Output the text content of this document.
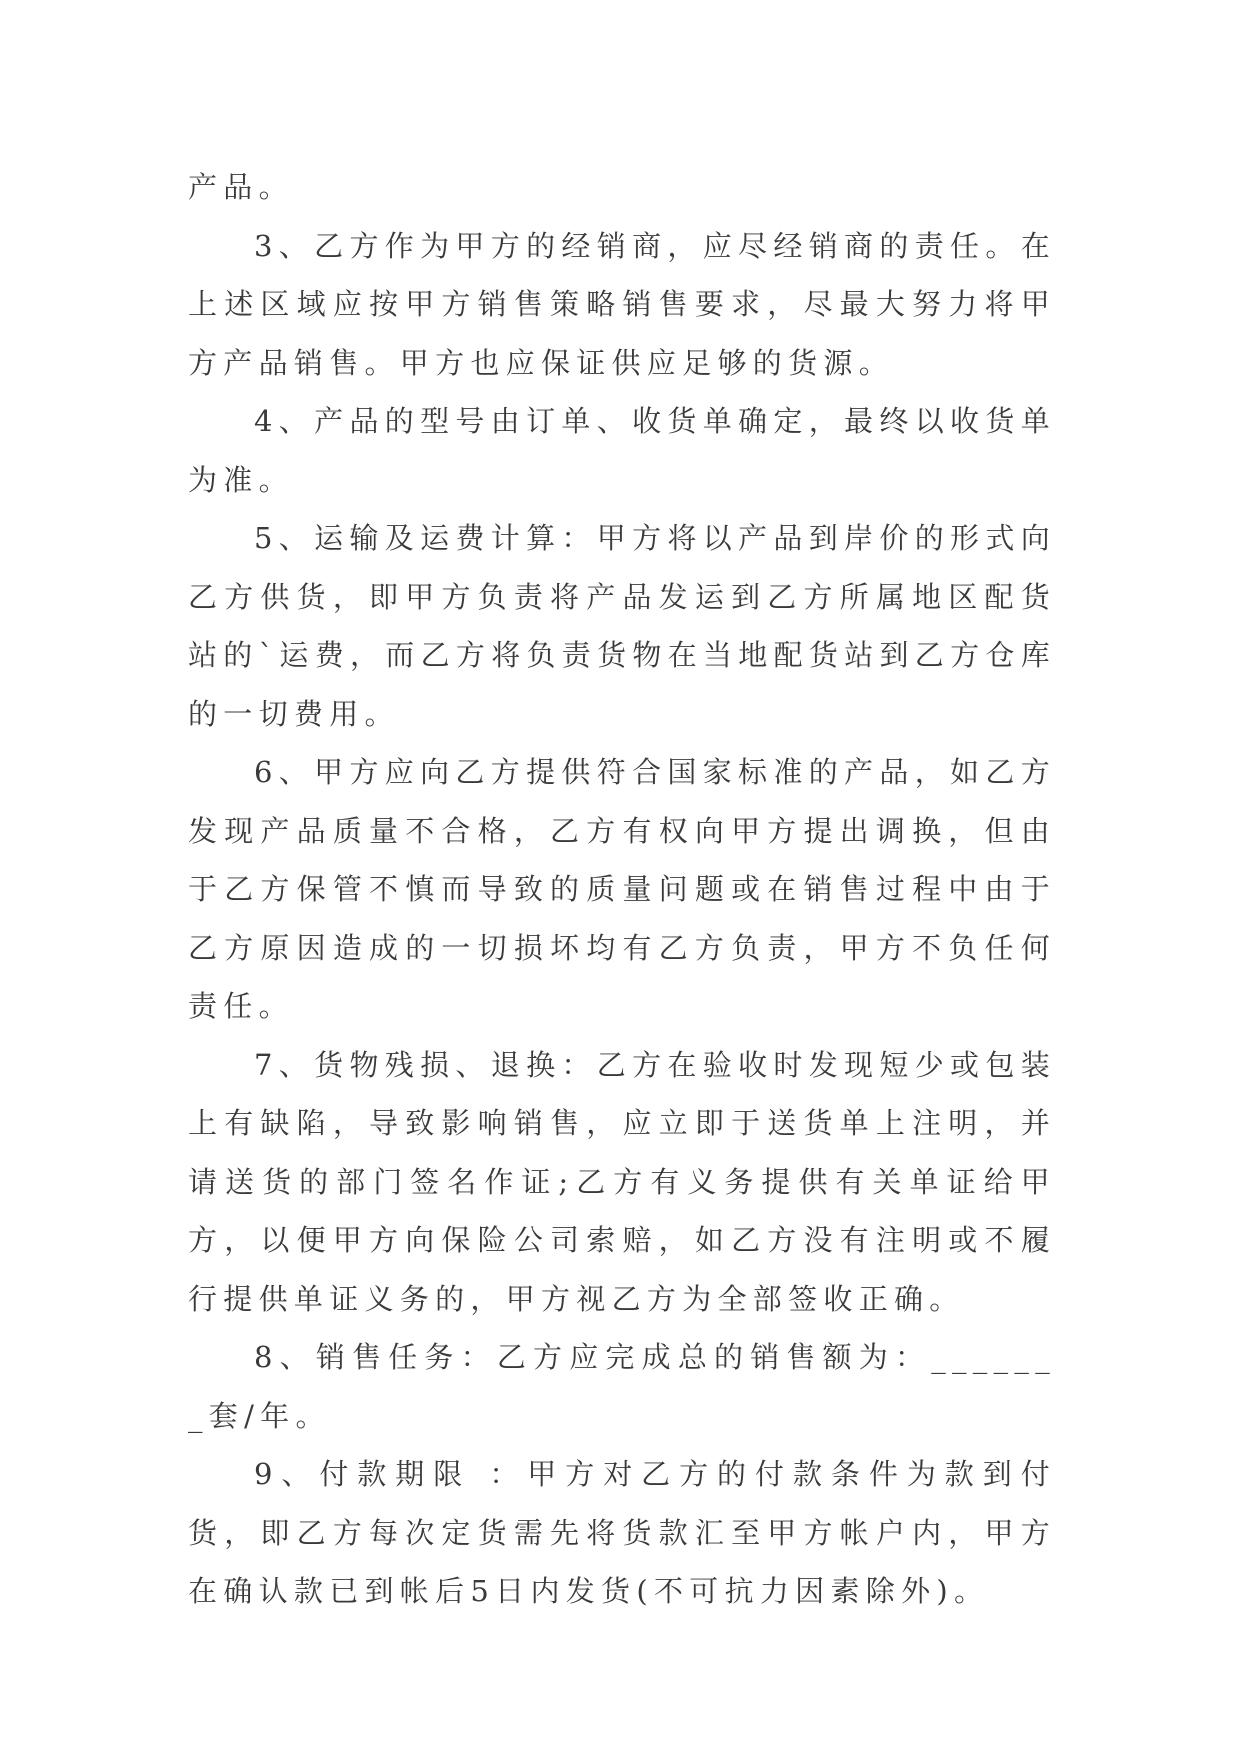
产品。

3、乙方作为甲方的经销商，应尽经销商的责任。在上述区域应按甲方销售策略销售要求，尽最大努力将甲方产品销售。甲方也应保证供应足够的货源。

4、产品的型号由订单、收货单确定，最终以收货单为准。

5、运输及运费计算：甲方将以产品到岸价的形式向乙方供货，即甲方负责将产品发运到乙方所属地区配货站的`运费，而乙方将负责货物在当地配货站到乙方仓库的一切费用。

6、甲方应向乙方提供符合国家标准的产品，如乙方发现产品质量不合格，乙方有权向甲方提出调换，但由于乙方保管不慎而导致的质量问题或在销售过程中由于乙方原因造成的一切损坏均有乙方负责，甲方不负任何责任。

7、货物残损、退换：乙方在验收时发现短少或包装上有缺陷，导致影响销售，应立即于送货单上注明，并请送货的部门签名作证;乙方有义务提供有关单证给甲方，以便甲方向保险公司索赔，如乙方没有注明或不履行提供单证义务的，甲方视乙方为全部签收正确。

8、销售任务：乙方应完成总的销售额为：_______套/年。

9、付款期限 ：甲方对乙方的付款条件为款到付货，即乙方每次定货需先将货款汇至甲方帐户内，甲方在确认款已到帐后5日内发货(不可抗力因素除外)。
